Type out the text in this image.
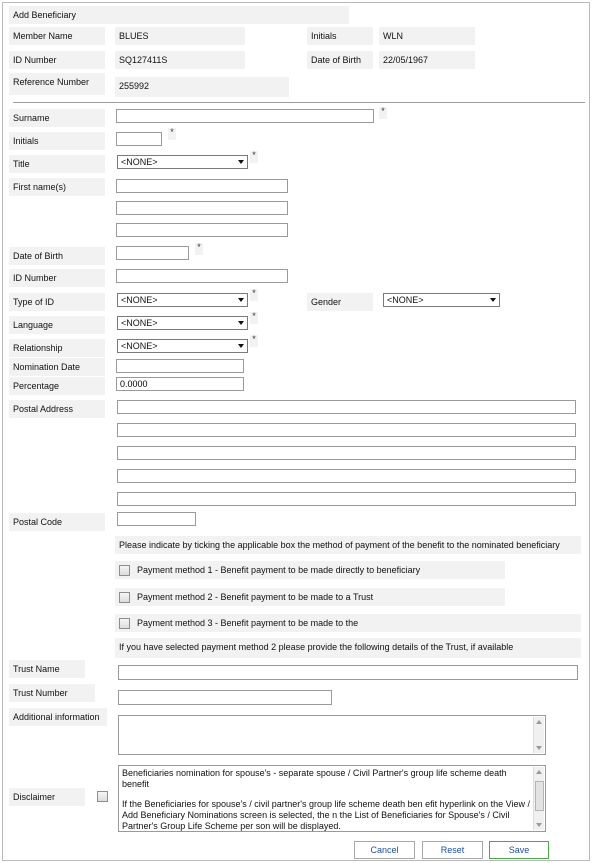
Add Beneficiary
Member Name	BLUES	Initials	WLN
ID Number	SQ127411S	Date of Birth	22/05/1967
Reference Number	255992
Surname
*
Initials
*
Title	<NONE>
*
First name(s)
Date of Birth
*
ID Number
Type of ID	<NONE>
*
Gender	<NONE>
Language	<NONE>
*
Relationship	<NONE>
*
Nomination Date
Percentage
0.0000
Postal Address
Postal Code
Please indicate by ticking the applicable box the method of payment of the benefit to the nominated beneficiary
Payment method 1 - Benefit payment to be made directly to beneficiary
Payment method 2 - Benefit payment to be made to a Trust
Payment method 3 - Benefit payment to be made to the
If you have selected payment method 2 please provide the following details of the Trust, if available
Trust Name
Trust Number
Additional information
Disclaimer
Beneficiaries nomination for spouse's - separate spouse / Civil Partner's group life scheme death benefit
If the Beneficiaries for spouse's / civil partner's group life scheme death ben efit hyperlink on the View / Add Beneficiary Nominations screen is selected, the n the List of Beneficiaries for Spouse's / Civil Partner's Group Life Scheme per son will be displayed.
Cancel	Reset	Save
